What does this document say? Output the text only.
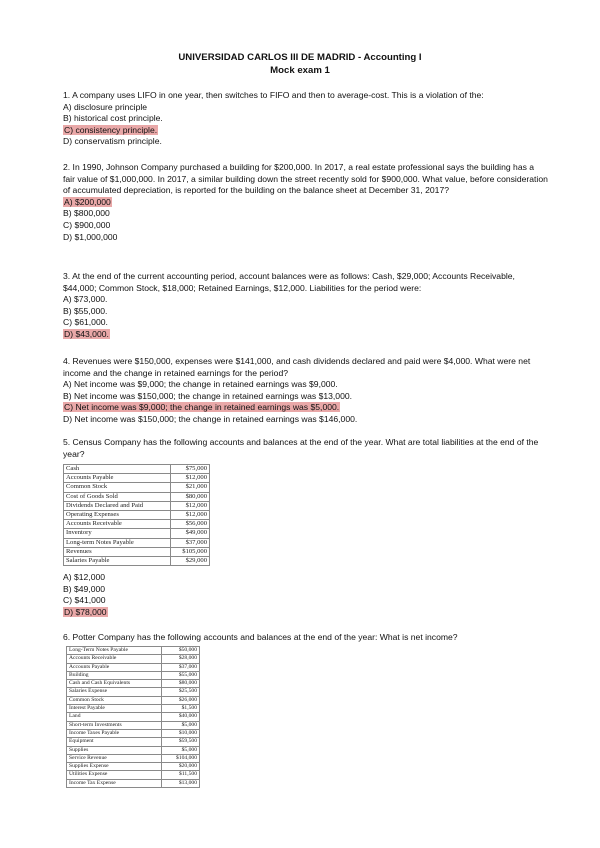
UNIVERSIDAD CARLOS III DE MADRID - Accounting I
Mock exam 1

1. A company uses LIFO in one year, then switches to FIFO and then to average-cost. This is a violation of the:

A) disclosure principle
B) historical cost principle.
C) consistency principle.
D) conservatism principle.

2. In 1990, Johnson Company purchased a building for $200,000. In 2017, a real estate professional says the building has a fair value of $1,000,000. In 2017, a similar building down the street recently sold for $900,000. What value, before consideration of accumulated depreciation, is reported for the building on the balance sheet at December 31, 2017?

A) $200,000
B) $800,000
C) $900,000
D) $1,000,000

3. At the end of the current accounting period, account balances were as follows: Cash, $29,000; Accounts Receivable, $44,000; Common Stock, $18,000; Retained Earnings, $12,000. Liabilities for the period were:

A) $73,000.
B) $55,000.
C) $61,000.
D) $43,000.

4. Revenues were $150,000, expenses were $141,000, and cash dividends declared and paid were $4,000. What were net income and the change in retained earnings for the period?

A) Net income was $9,000; the change in retained earnings was $9,000.
B) Net income was $150,000; the change in retained earnings was $13,000.
C) Net income was $9,000; the change in retained earnings was $5,000.
D) Net income was $150,000; the change in retained earnings was $146,000.

5. Census Company has the following accounts and balances at the end of the year. What are total liabilities at the end of the year?

Cash	$75,000
Accounts Payable	$12,000
Common Stock	$21,000
Cost of Goods Sold	$80,000
Dividends Declared and Paid	$12,000
Operating Expenses	$12,000
Accounts Receivable	$56,000
Inventory	$49,000
Long-term Notes Payable	$37,000
Revenues	$105,000
Salaries Payable	$29,000
A) $12,000
B) $49,000
C) $41,000
D) $78,000

6. Potter Company has the following accounts and balances at the end of the year: What is net income?

Long-Term Notes Payable	$50,000
Accounts Receivable	$28,000
Accounts Payable	$37,000
Building	$55,000
Cash and Cash Equivalents	$80,000
Salaries Expense	$25,500
Common Stock	$26,000
Interest Payable	$1,500
Land	$40,000
Short-term Investments	$5,000
Income Taxes Payable	$10,000
Equipment	$59,500
Supplies	$5,000
Service Revenue	$104,000
Supplies Expense	$20,000
Utilities Expense	$11,500
Income Tax Expense	$13,000
